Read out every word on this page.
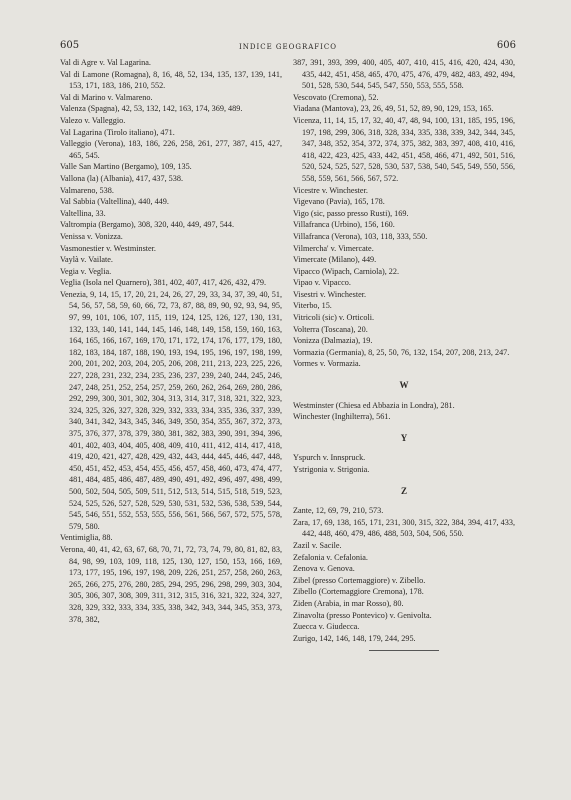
605	INDICE GEOGRAFICO	606
Val di Agre v. Val Lagarina.
Val di Lamone (Romagna), 8, 16, 48, 52, 134, 135, 137, 139, 141, 153, 171, 183, 186, 210, 552.
Val di Marino v. Valmareno.
Valenza (Spagna), 42, 53, 132, 142, 163, 174, 369, 489.
Valezo v. Valleggio.
Val Lagarina (Tirolo italiano), 471.
Valleggio (Verona), 183, 186, 226, 258, 261, 277, 387, 415, 427, 465, 545.
Valle San Martino (Bergamo), 109, 135.
Vallona (la) (Albania), 417, 437, 538.
Valmareno, 538.
Val Sabbia (Valtellina), 440, 449.
Valtellina, 33.
Valtrompia (Bergamo), 308, 320, 440, 449, 497, 544.
Venissa v. Vonizza.
Vasmonestier v. Westminster.
Vaylà v. Vailate.
Vegia v. Veglia.
Veglia (Isola nel Quarnero), 381, 402, 407, 417, 426, 432, 479.
Venezia, 9, 14, 15, 17, 20, 21, 24, 26, 27, 29, 33, 34, 37, 39, 40, 51, 54, 56, 57, 58, 59, 60, 66, 72, 73, 87, 88, 89, 90, 92, 93, 94, 95, 97, 99, 101, 106, 107, 115, 119, 124, 125, 126, 127, 130, 131, 132, 133, 140, 141, 144, 145, 146, 148, 149, 158, 159, 160, 163, 164, 165, 166, 167, 169, 170, 171, 172, 174, 176, 177, 179, 180, 182, 183, 184, 187, 188, 190, 193, 194, 195, 196, 197, 198, 199, 200, 201, 202, 203, 204, 205, 206, 208, 211, 213, 223, 225, 226, 227, 228, 231, 232, 234, 235, 236, 237, 239, 240, 244, 245, 246, 247, 248, 251, 252, 254, 257, 259, 260, 262, 264, 269, 280, 286, 292, 299, 300, 301, 302, 304, 313, 314, 317, 318, 321, 322, 323, 324, 325, 326, 327, 328, 329, 332, 333, 334, 335, 336, 337, 339, 340, 341, 342, 343, 345, 346, 349, 350, 354, 355, 367, 372, 373, 375, 376, 377, 378, 379, 380, 381, 382, 383, 390, 391, 394, 396, 401, 402, 403, 404, 405, 408, 409, 410, 411, 412, 414, 417, 418, 419, 420, 421, 427, 428, 429, 432, 443, 444, 445, 446, 447, 448, 450, 451, 452, 453, 454, 455, 456, 457, 458, 460, 473, 474, 477, 481, 484, 485, 486, 487, 489, 490, 491, 492, 496, 497, 498, 499, 500, 502, 504, 505, 509, 511, 512, 513, 514, 515, 518, 519, 523, 524, 525, 526, 527, 528, 529, 530, 531, 532, 536, 538, 539, 544, 545, 546, 551, 552, 553, 555, 556, 561, 566, 567, 572, 575, 578, 579, 580.
Ventimiglia, 88.
Verona, 40, 41, 42, 63, 67, 68, 70, 71, 72, 73, 74, 79, 80, 81, 82, 83, 84, 98, 99, 103, 109, 118, 125, 130, 127, 150, 153, 166, 169, 173, 177, 195, 196, 197, 198, 209, 226, 251, 257, 258, 260, 263, 265, 266, 275, 276, 280, 285, 294, 295, 296, 298, 299, 303, 304, 305, 306, 307, 308, 309, 311, 312, 315, 316, 321, 322, 324, 327, 328, 329, 332, 333, 334, 335, 338, 342, 343, 344, 345, 353, 373, 378, 382,
387, 391, 393, 399, 400, 405, 407, 410, 415, 416, 420, 424, 430, 435, 442, 451, 458, 465, 470, 475, 476, 479, 482, 483, 492, 494, 501, 528, 530, 544, 545, 547, 550, 553, 555, 558.
Vescovato (Cremona), 52.
Viadana (Mantova), 23, 26, 49, 51, 52, 89, 90, 129, 153, 165.
Vicenza, 11, 14, 15, 17, 32, 40, 47, 48, 94, 100, 131, 185, 195, 196, 197, 198, 299, 306, 318, 328, 334, 335, 338, 339, 342, 344, 345, 347, 348, 352, 354, 372, 374, 375, 382, 383, 397, 408, 410, 416, 418, 422, 423, 425, 433, 442, 451, 458, 466, 471, 492, 501, 516, 520, 524, 525, 527, 528, 530, 537, 538, 540, 545, 549, 550, 556, 558, 559, 561, 566, 567, 572.
Vicestre v. Winchester.
Vigevano (Pavia), 165, 178.
Vigo (sic, passo presso Rusti), 169.
Villafranca (Urbino), 156, 160.
Villafranca (Verona), 103, 118, 333, 550.
Vilmercha' v. Vimercate.
Vimercate (Milano), 449.
Vipacco (Wipach, Carniola), 22.
Vipao v. Vipacco.
Visestri v. Winchester.
Viterbo, 15.
Vitricoli (sic) v. Orticoli.
Volterra (Toscana), 20.
Vonizza (Dalmazia), 19.
Vormazia (Germania), 8, 25, 50, 76, 132, 154, 207, 208, 213, 247.
Vormes v. Vormazia.
W
Westminster (Chiesa ed Abbazia in Londra), 281.
Winchester (Inghilterra), 561.
Y
Yspurch v. Innspruck.
Ystrigonia v. Strigonia.
Z
Zante, 12, 69, 79, 210, 573.
Zara, 17, 69, 138, 165, 171, 231, 300, 315, 322, 384, 394, 417, 433, 442, 448, 460, 479, 486, 488, 503, 504, 506, 550.
Zazil v. Sacile.
Zefalonia v. Cefalonia.
Zenova v. Genova.
Zibel (presso Cortemaggiore) v. Zibello.
Zibello (Cortemaggiore Cremona), 178.
Ziden (Arabia, in mar Rosso), 80.
Zinavolta (presso Pontevico) v. Genivolta.
Zuecca v. Giudecca.
Zurigo, 142, 146, 148, 179, 244, 295.
